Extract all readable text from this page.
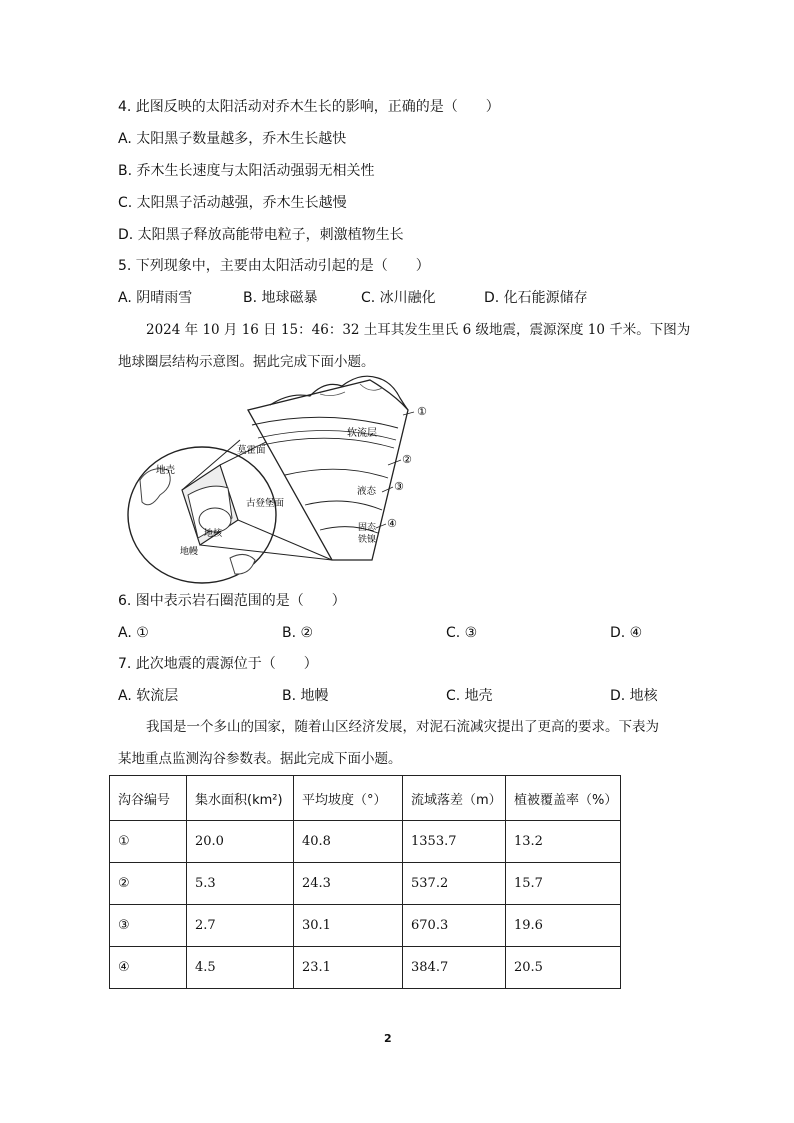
4. 此图反映的太阳活动对乔木生长的影响，正确的是（　　）
A. 太阳黑子数量越多，乔木生长越快
B. 乔木生长速度与太阳活动强弱无相关性
C. 太阳黑子活动越强，乔木生长越慢
D. 太阳黑子释放高能带电粒子，刺激植物生长
5. 下列现象中，主要由太阳活动引起的是（　　）
A. 阴晴雨雪	B. 地球磁暴	C. 冰川融化	D. 化石能源储存
2024 年 10 月 16 日 15：46：32 土耳其发生里氏 6 级地震，震源深度 10 千米。下图为
地球圈层结构示意图。据此完成下面小题。
软流层
莫霍面
古登堡面
液态
固态
铁镍
地壳
地核
地幔
①
②
③
④
6. 图中表示岩石圈范围的是（　　）
A. ①	B. ②	C. ③	D. ④
7. 此次地震的震源位于（　　）
A. 软流层	B. 地幔	C. 地壳	D. 地核
我国是一个多山的国家，随着山区经济发展，对泥石流减灾提出了更高的要求。下表为
某地重点监测沟谷参数表。据此完成下面小题。
沟谷编号	集水面积(km²)	平均坡度（°）	流域落差（m）	植被覆盖率（%）
①	20.0	40.8	1353.7	13.2
②	5.3	24.3	537.2	15.7
③	2.7	30.1	670.3	19.6
④	4.5	23.1	384.7	20.5
2
